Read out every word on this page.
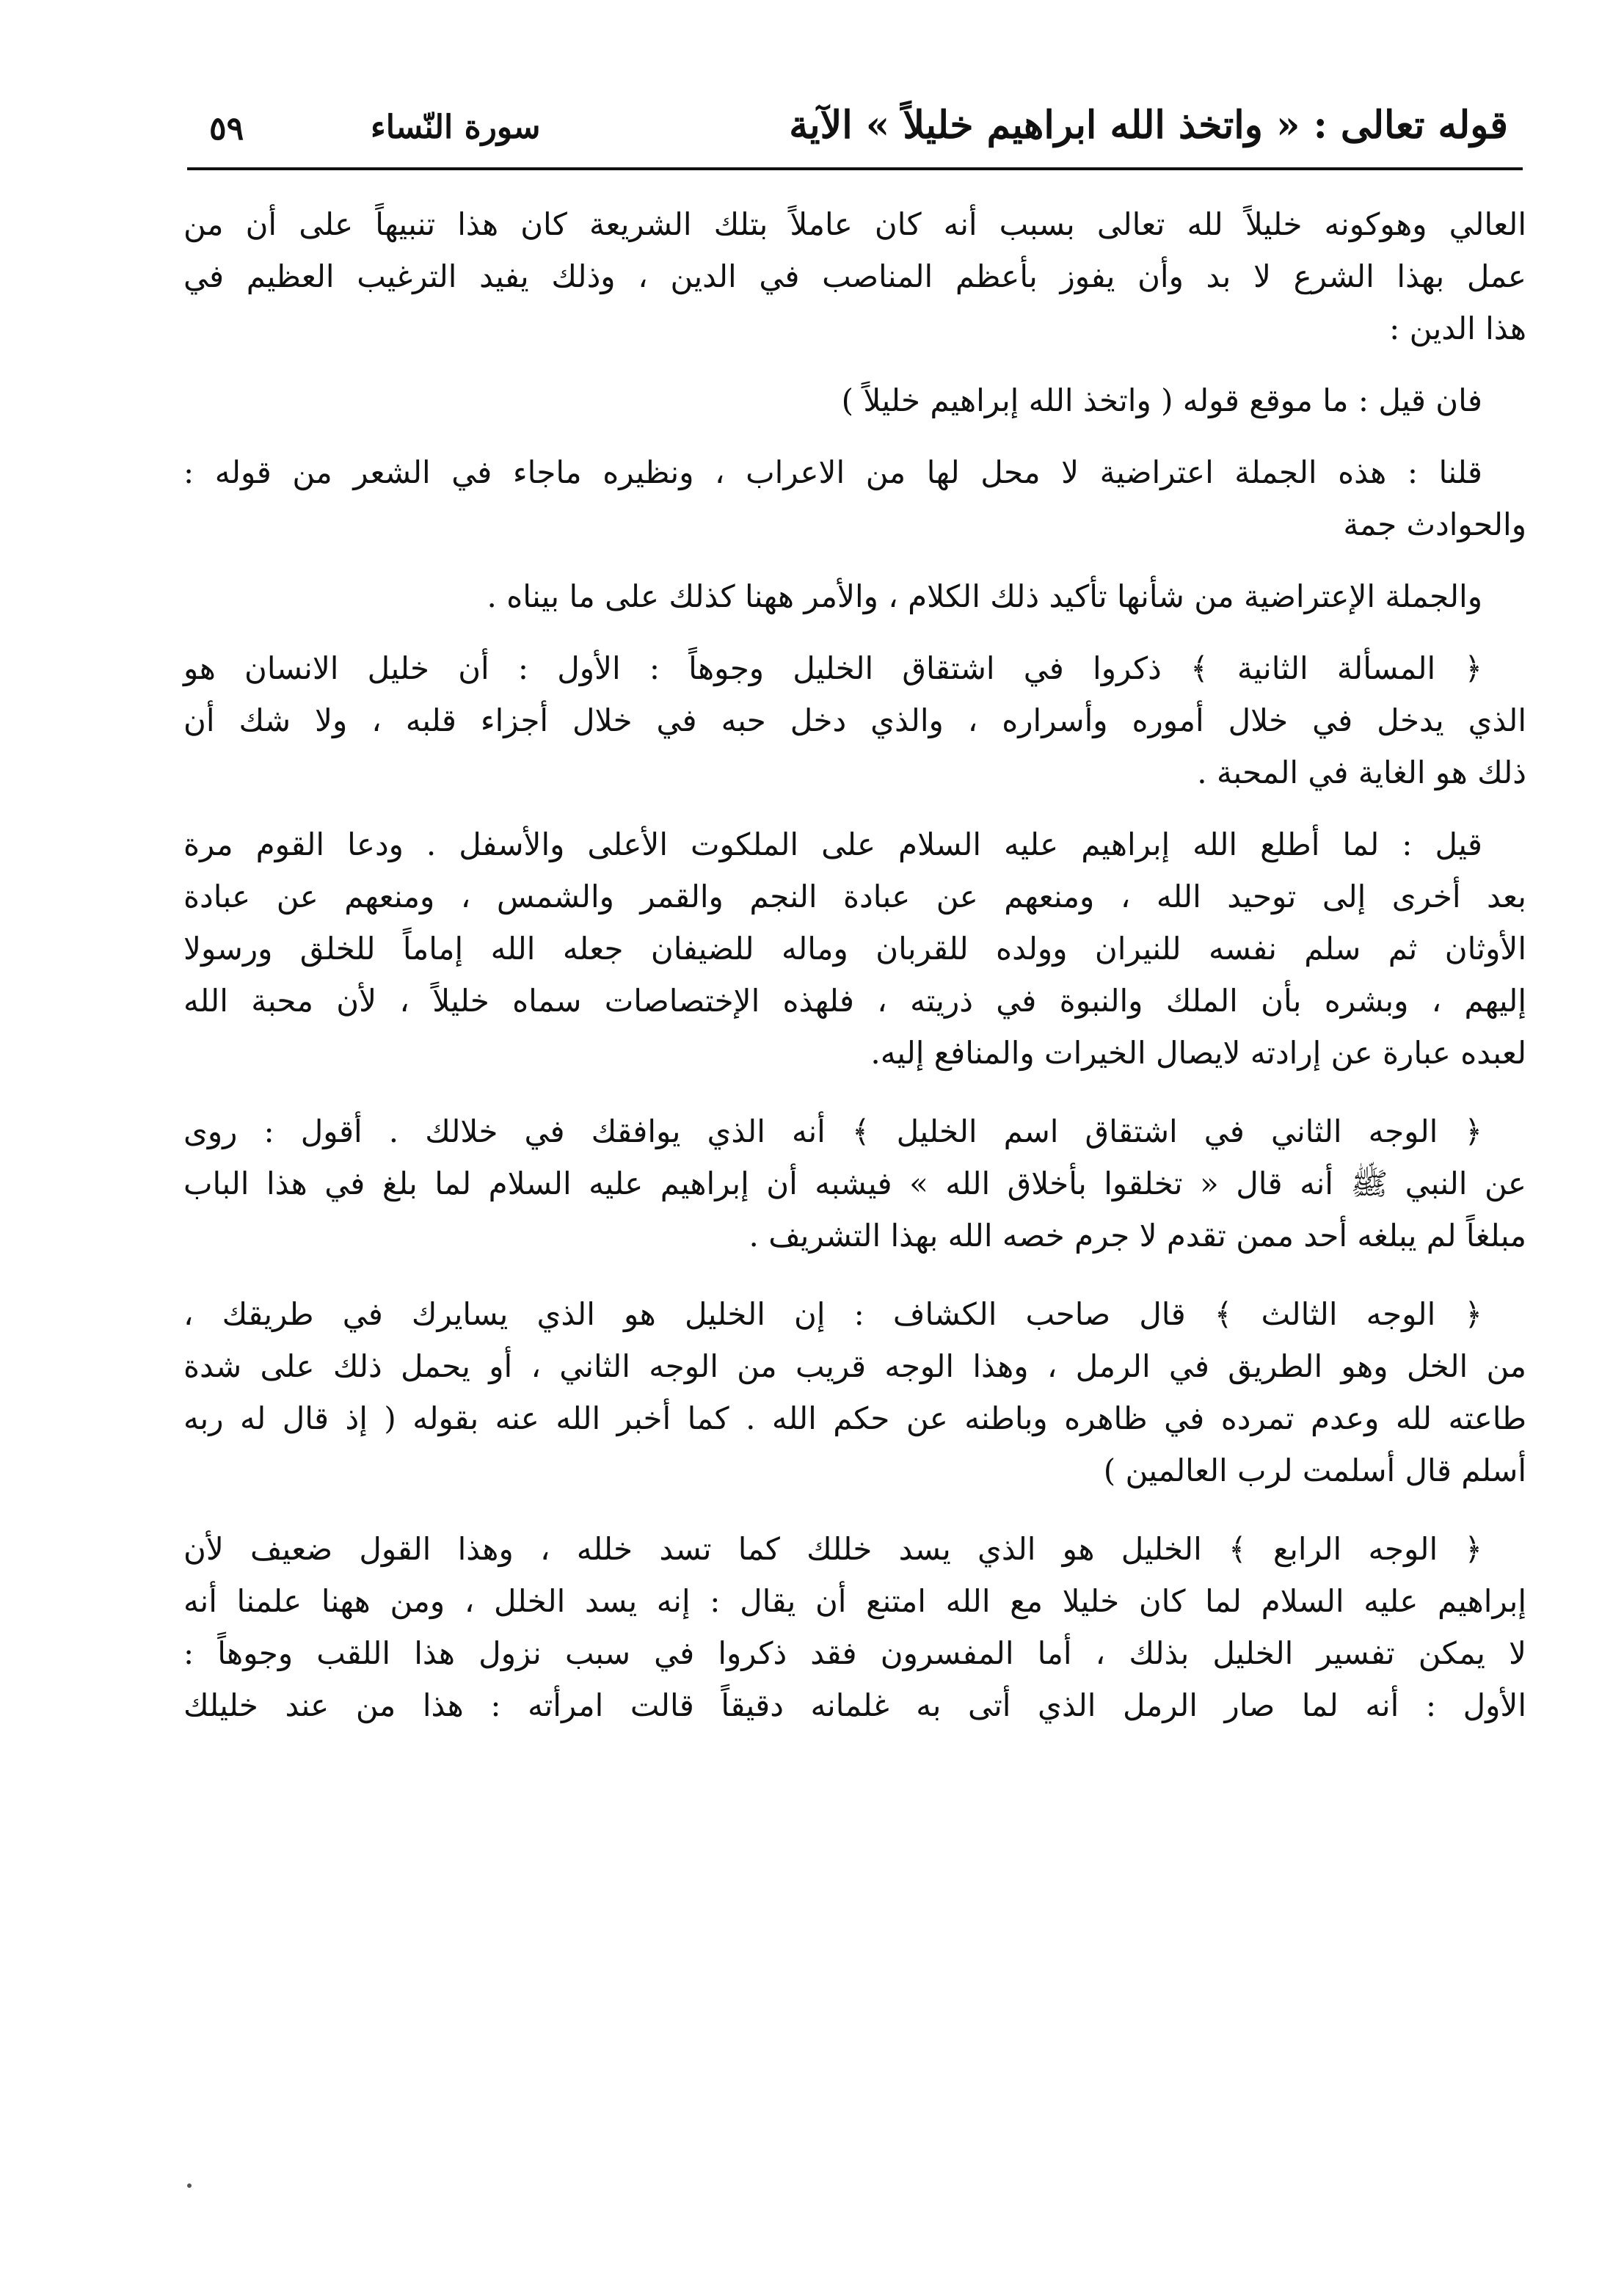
قوله تعالى : « واتخذ الله ابراهيم خليلاً » الآية
سورة النّساء
٥٩
العالي وهوكونه خليلاً لله تعالى بسبب أنه كان عاملاً بتلك الشريعة كان هذا تنبيهاً على أن من
عمل بهذا الشرع لا بد وأن يفوز بأعظم المناصب في الدين ، وذلك يفيد الترغيب العظيم في
هذا الدين :
فان قيل : ما موقع قوله ( واتخذ الله إبراهيم خليلاً )
قلنا : هذه الجملة اعتراضية لا محل لها من الاعراب ، ونظيره ماجاء في الشعر من قوله :
والحوادث جمة
والجملة الإعتراضية من شأنها تأكيد ذلك الكلام ، والأمر ههنا كذلك على ما بيناه .
﴿ المسألة الثانية ﴾ ذكروا في اشتقاق الخليل وجوهاً : الأول : أن خليل الانسان هو
الذي يدخل في خلال أموره وأسراره ، والذي دخل حبه في خلال أجزاء قلبه ، ولا شك أن
ذلك هو الغاية في المحبة .
قيل : لما أطلع الله إبراهيم عليه السلام على الملكوت الأعلى والأسفل . ودعا القوم مرة
بعد أخرى إلى توحيد الله ، ومنعهم عن عبادة النجم والقمر والشمس ، ومنعهم عن عبادة
الأوثان ثم سلم نفسه للنيران وولده للقربان وماله للضيفان جعله الله إماماً للخلق ورسولا
إليهم ، وبشره بأن الملك والنبوة في ذريته ، فلهذه الإختصاصات سماه خليلاً ، لأن محبة الله
لعبده عبارة عن إرادته لايصال الخيرات والمنافع إليه.
﴿ الوجه الثاني في اشتقاق اسم الخليل ﴾ أنه الذي يوافقك في خلالك . أقول : روى
عن النبي ﷺ أنه قال « تخلقوا بأخلاق الله » فيشبه أن إبراهيم عليه السلام لما بلغ في هذا الباب
مبلغاً لم يبلغه أحد ممن تقدم لا جرم خصه الله بهذا التشريف .
﴿ الوجه الثالث ﴾ قال صاحب الكشاف : إن الخليل هو الذي يسايرك في طريقك ،
من الخل وهو الطريق في الرمل ، وهذا الوجه قريب من الوجه الثاني ، أو يحمل ذلك على شدة
طاعته لله وعدم تمرده في ظاهره وباطنه عن حكم الله . كما أخبر الله عنه بقوله ( إذ قال له ربه
أسلم قال أسلمت لرب العالمين )
﴿ الوجه الرابع ﴾ الخليل هو الذي يسد خللك كما تسد خلله ، وهذا القول ضعيف لأن
إبراهيم عليه السلام لما كان خليلا مع الله امتنع أن يقال : إنه يسد الخلل ، ومن ههنا علمنا أنه
لا يمكن تفسير الخليل بذلك ، أما المفسرون فقد ذكروا في سبب نزول هذا اللقب وجوهاً :
الأول : أنه لما صار الرمل الذي أتى به غلمانه دقيقاً قالت امرأته : هذا من عند خليلك
